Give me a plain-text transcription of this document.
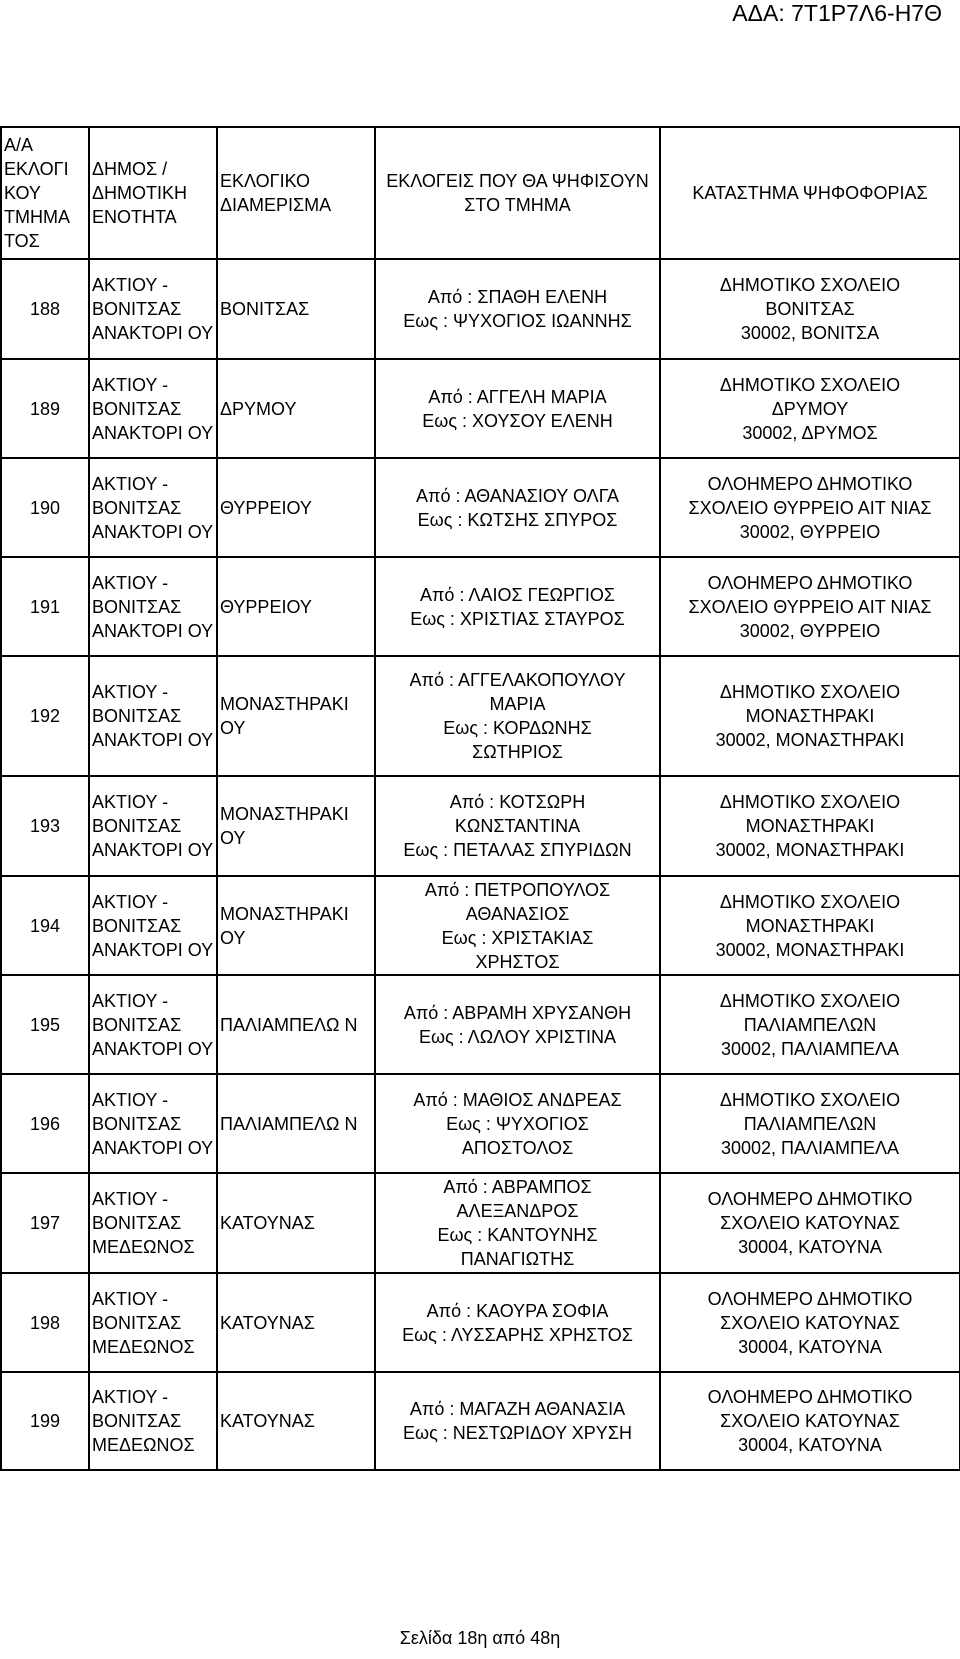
ΑΔΑ: 7Τ1Ρ7Λ6-Η7Θ
Α/Α ΕΚΛΟΓΙ ΚΟΥ ΤΜΗΜΑ ΤΟΣ	ΔΗΜΟΣ / ΔΗΜΟΤΙΚΗ ΕΝΟΤΗΤΑ	ΕΚΛΟΓΙΚΟ ΔΙΑΜΕΡΙΣΜΑ	ΕΚΛΟΓΕΙΣ ΠΟΥ ΘΑ ΨΗΦΙΣΟΥΝ ΣΤΟ ΤΜΗΜΑ	ΚΑΤΑΣΤΗΜΑ ΨΗΦΟΦΟΡΙΑΣ
188	ΑΚΤΙΟΥ - ΒΟΝΙΤΣΑΣ ΑΝΑΚΤΟΡΙ ΟΥ	ΒΟΝΙΤΣΑΣ	Από : ΣΠΑΘΗ ΕΛΕΝΗ
Εως : ΨΥΧΟΓΙΟΣ ΙΩΑΝΝΗΣ	ΔΗΜΟΤΙΚΟ ΣΧΟΛΕΙΟ
ΒΟΝΙΤΣΑΣ
30002, ΒΟΝΙΤΣΑ

189	ΑΚΤΙΟΥ - ΒΟΝΙΤΣΑΣ ΑΝΑΚΤΟΡΙ ΟΥ	ΔΡΥΜΟΥ	Από : ΑΓΓΕΛΗ ΜΑΡΙΑ
Εως : ΧΟΥΣΟΥ ΕΛΕΝΗ	ΔΗΜΟΤΙΚΟ ΣΧΟΛΕΙΟ
ΔΡΥΜΟΥ
30002, ΔΡΥΜΟΣ

190	ΑΚΤΙΟΥ - ΒΟΝΙΤΣΑΣ ΑΝΑΚΤΟΡΙ ΟΥ	ΘΥΡΡΕΙΟΥ	Από : ΑΘΑΝΑΣΙΟΥ ΟΛΓΑ
Εως : ΚΩΤΣΗΣ ΣΠΥΡΟΣ	ΟΛΟΗΜΕΡΟ ΔΗΜΟΤΙΚΟ
ΣΧΟΛΕΙΟ ΘΥΡΡΕΙΟ ΑΙΤ ΝΙΑΣ
30002, ΘΥΡΡΕΙΟ

191	ΑΚΤΙΟΥ - ΒΟΝΙΤΣΑΣ ΑΝΑΚΤΟΡΙ ΟΥ	ΘΥΡΡΕΙΟΥ	Από : ΛΑΙΟΣ ΓΕΩΡΓΙΟΣ
Εως : ΧΡΙΣΤΙΑΣ ΣΤΑΥΡΟΣ	ΟΛΟΗΜΕΡΟ ΔΗΜΟΤΙΚΟ
ΣΧΟΛΕΙΟ ΘΥΡΡΕΙΟ ΑΙΤ ΝΙΑΣ
30002, ΘΥΡΡΕΙΟ

192	ΑΚΤΙΟΥ - ΒΟΝΙΤΣΑΣ ΑΝΑΚΤΟΡΙ ΟΥ	ΜΟΝΑΣΤΗΡΑΚΙ ΟΥ	Από : ΑΓΓΕΛΑΚΟΠΟΥΛΟΥ
ΜΑΡΙΑ
Εως : ΚΟΡΔΩΝΗΣ
ΣΩΤΗΡΙΟΣ	ΔΗΜΟΤΙΚΟ ΣΧΟΛΕΙΟ
ΜΟΝΑΣΤΗΡΑΚΙ
30002, ΜΟΝΑΣΤΗΡΑΚΙ

193	ΑΚΤΙΟΥ - ΒΟΝΙΤΣΑΣ ΑΝΑΚΤΟΡΙ ΟΥ	ΜΟΝΑΣΤΗΡΑΚΙ ΟΥ	Από : ΚΟΤΣΩΡΗ
ΚΩΝΣΤΑΝΤΙΝΑ
Εως : ΠΕΤΑΛΑΣ ΣΠΥΡΙΔΩΝ	ΔΗΜΟΤΙΚΟ ΣΧΟΛΕΙΟ
ΜΟΝΑΣΤΗΡΑΚΙ
30002, ΜΟΝΑΣΤΗΡΑΚΙ

194	ΑΚΤΙΟΥ - ΒΟΝΙΤΣΑΣ ΑΝΑΚΤΟΡΙ ΟΥ	ΜΟΝΑΣΤΗΡΑΚΙ ΟΥ	Από : ΠΕΤΡΟΠΟΥΛΟΣ
ΑΘΑΝΑΣΙΟΣ
Εως : ΧΡΙΣΤΑΚΙΑΣ
ΧΡΗΣΤΟΣ	ΔΗΜΟΤΙΚΟ ΣΧΟΛΕΙΟ
ΜΟΝΑΣΤΗΡΑΚΙ
30002, ΜΟΝΑΣΤΗΡΑΚΙ

195	ΑΚΤΙΟΥ - ΒΟΝΙΤΣΑΣ ΑΝΑΚΤΟΡΙ ΟΥ	ΠΑΛΙΑΜΠΕΛΩ Ν	Από : ΑΒΡΑΜΗ ΧΡΥΣΑΝΘΗ
Εως : ΛΩΛΟΥ ΧΡΙΣΤΙΝΑ	ΔΗΜΟΤΙΚΟ ΣΧΟΛΕΙΟ
ΠΑΛΙΑΜΠΕΛΩΝ
30002, ΠΑΛΙΑΜΠΕΛΑ

196	ΑΚΤΙΟΥ - ΒΟΝΙΤΣΑΣ ΑΝΑΚΤΟΡΙ ΟΥ	ΠΑΛΙΑΜΠΕΛΩ Ν	Από : ΜΑΘΙΟΣ ΑΝΔΡΕΑΣ
Εως : ΨΥΧΟΓΙΟΣ
ΑΠΟΣΤΟΛΟΣ	ΔΗΜΟΤΙΚΟ ΣΧΟΛΕΙΟ
ΠΑΛΙΑΜΠΕΛΩΝ
30002, ΠΑΛΙΑΜΠΕΛΑ

197	ΑΚΤΙΟΥ - ΒΟΝΙΤΣΑΣ ΜΕΔΕΩΝΟΣ	ΚΑΤΟΥΝΑΣ	Από : ΑΒΡΑΜΠΟΣ
ΑΛΕΞΑΝΔΡΟΣ
Εως : ΚΑΝΤΟΥΝΗΣ
ΠΑΝΑΓΙΩΤΗΣ	ΟΛΟΗΜΕΡΟ ΔΗΜΟΤΙΚΟ
ΣΧΟΛΕΙΟ ΚΑΤΟΥΝΑΣ
30004, ΚΑΤΟΥΝΑ

198	ΑΚΤΙΟΥ - ΒΟΝΙΤΣΑΣ ΜΕΔΕΩΝΟΣ	ΚΑΤΟΥΝΑΣ	Από : ΚΑΟΥΡΑ ΣΟΦΙΑ
Εως : ΛΥΣΣΑΡΗΣ ΧΡΗΣΤΟΣ	ΟΛΟΗΜΕΡΟ ΔΗΜΟΤΙΚΟ
ΣΧΟΛΕΙΟ ΚΑΤΟΥΝΑΣ
30004, ΚΑΤΟΥΝΑ

199	ΑΚΤΙΟΥ - ΒΟΝΙΤΣΑΣ ΜΕΔΕΩΝΟΣ	ΚΑΤΟΥΝΑΣ	Από : ΜΑΓΑΖΗ ΑΘΑΝΑΣΙΑ
Εως : ΝΕΣΤΩΡΙΔΟΥ ΧΡΥΣΗ	ΟΛΟΗΜΕΡΟ ΔΗΜΟΤΙΚΟ
ΣΧΟΛΕΙΟ ΚΑΤΟΥΝΑΣ
30004, ΚΑΤΟΥΝΑ
Σελίδα 18η από 48η
